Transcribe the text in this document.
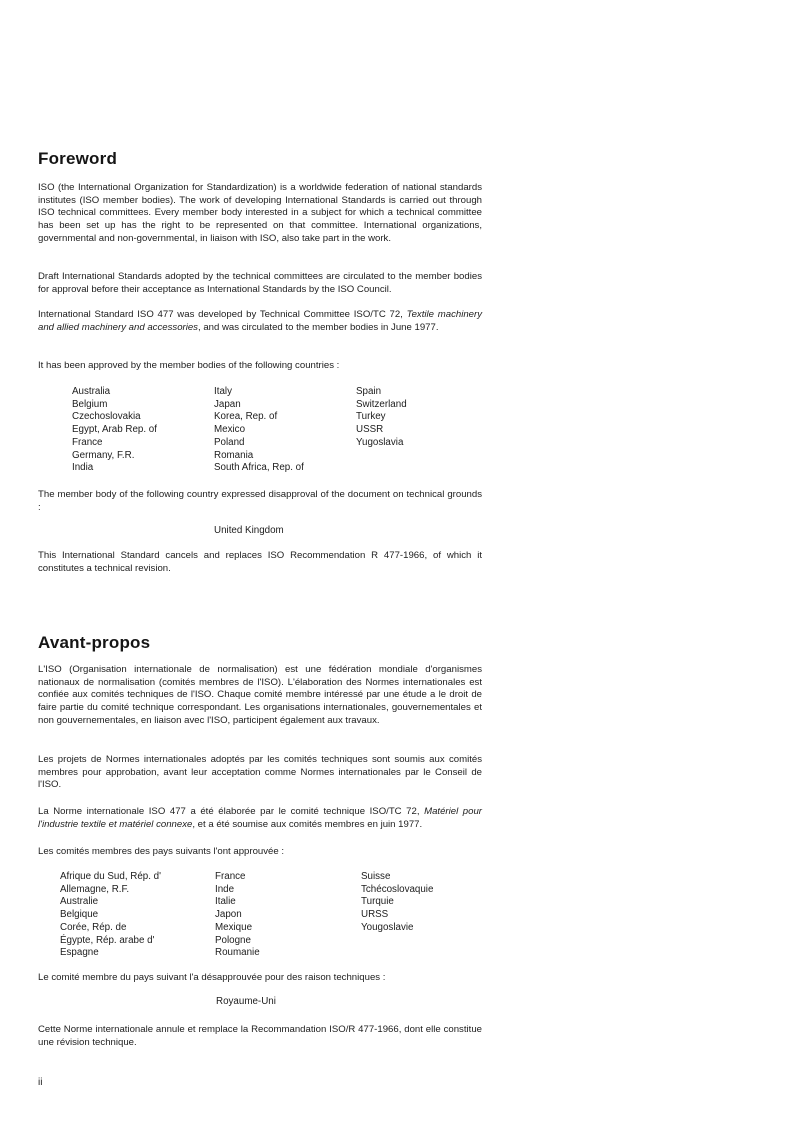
Foreword

ISO (the International Organization for Standardization) is a worldwide federation of national standards institutes (ISO member bodies). The work of developing International Standards is carried out through ISO technical committees. Every member body interested in a subject for which a technical committee has been set up has the right to be represented on that committee. International organizations, governmental and non-governmental, in liaison with ISO, also take part in the work.

Draft International Standards adopted by the technical committees are circulated to the member bodies for approval before their acceptance as International Standards by the ISO Council.

International Standard ISO 477 was developed by Technical Committee ISO/TC 72, Textile machinery and allied machinery and accessories, and was circulated to the member bodies in June 1977.

It has been approved by the member bodies of the following countries :

Australia
Belgium
Czechoslovakia
Egypt, Arab Rep. of
France
Germany, F.R.
India
Italy
Japan
Korea, Rep. of
Mexico
Poland
Romania
South Africa, Rep. of
Spain
Switzerland
Turkey
USSR
Yugoslavia

The member body of the following country expressed disapproval of the document on technical grounds :

United Kingdom

This International Standard cancels and replaces ISO Recommendation R 477-1966, of which it constitutes a technical revision.

Avant-propos

L'ISO (Organisation internationale de normalisation) est une fédération mondiale d'organismes nationaux de normalisation (comités membres de l'ISO). L'élaboration des Normes internationales est confiée aux comités techniques de l'ISO. Chaque comité membre intéressé par une étude a le droit de faire partie du comité technique correspondant. Les organisations internationales, gouvernementales et non gouvernementales, en liaison avec l'ISO, participent également aux travaux.

Les projets de Normes internationales adoptés par les comités techniques sont soumis aux comités membres pour approbation, avant leur acceptation comme Normes internationales par le Conseil de l'ISO.

La Norme internationale ISO 477 a été élaborée par le comité technique ISO/TC 72, Matériel pour l'industrie textile et matériel connexe, et a été soumise aux comités membres en juin 1977.

Les comités membres des pays suivants l'ont approuvée :

Afrique du Sud, Rép. d'
Allemagne, R.F.
Australie
Belgique
Corée, Rép. de
Égypte, Rép. arabe d'
Espagne
France
Inde
Italie
Japon
Mexique
Pologne
Roumanie
Suisse
Tchécoslovaquie
Turquie
URSS
Yougoslavie

Le comité membre du pays suivant l'a désapprouvée pour des raison techniques :

Royaume-Uni

Cette Norme internationale annule et remplace la Recommandation ISO/R 477-1966, dont elle constitue une révision technique.

ii
